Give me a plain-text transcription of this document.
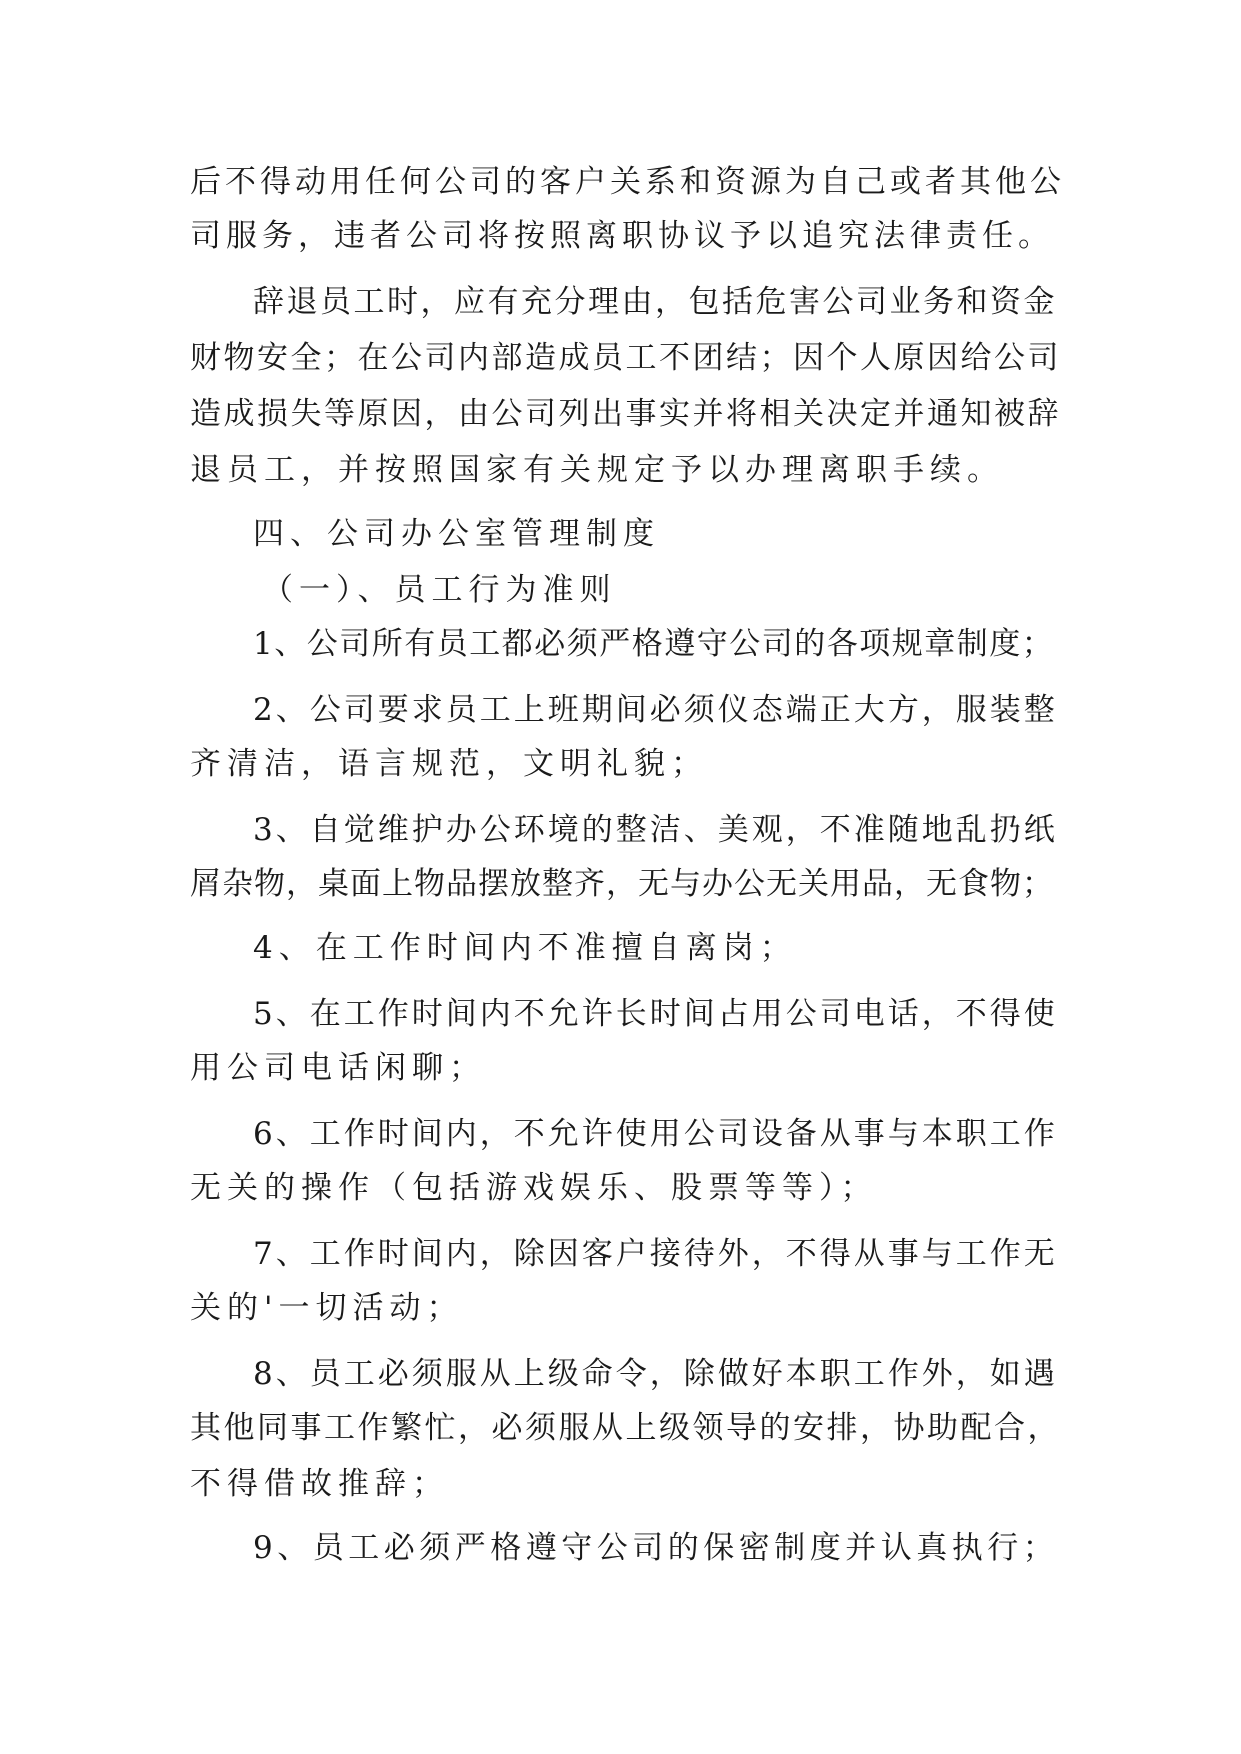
后不得动用任何公司的客户关系和资源为自己或者其他公
司服务，违者公司将按照离职协议予以追究法律责任。
辞退员工时，应有充分理由，包括危害公司业务和资金
财物安全；在公司内部造成员工不团结；因个人原因给公司
造成损失等原因，由公司列出事实并将相关决定并通知被辞
退员工，并按照国家有关规定予以办理离职手续。
四、公司办公室管理制度
（一）、员工行为准则
1、公司所有员工都必须严格遵守公司的各项规章制度；
2、公司要求员工上班期间必须仪态端正大方，服装整
齐清洁，语言规范，文明礼貌；
3、自觉维护办公环境的整洁、美观，不准随地乱扔纸
屑杂物，桌面上物品摆放整齐，无与办公无关用品，无食物；
4、在工作时间内不准擅自离岗；
5、在工作时间内不允许长时间占用公司电话，不得使
用公司电话闲聊；
6、工作时间内，不允许使用公司设备从事与本职工作
无关的操作（包括游戏娱乐、股票等等）；
7、工作时间内，除因客户接待外，不得从事与工作无
关的'一切活动；
8、员工必须服从上级命令，除做好本职工作外，如遇
其他同事工作繁忙，必须服从上级领导的安排，协助配合，
不得借故推辞；
9、员工必须严格遵守公司的保密制度并认真执行；
